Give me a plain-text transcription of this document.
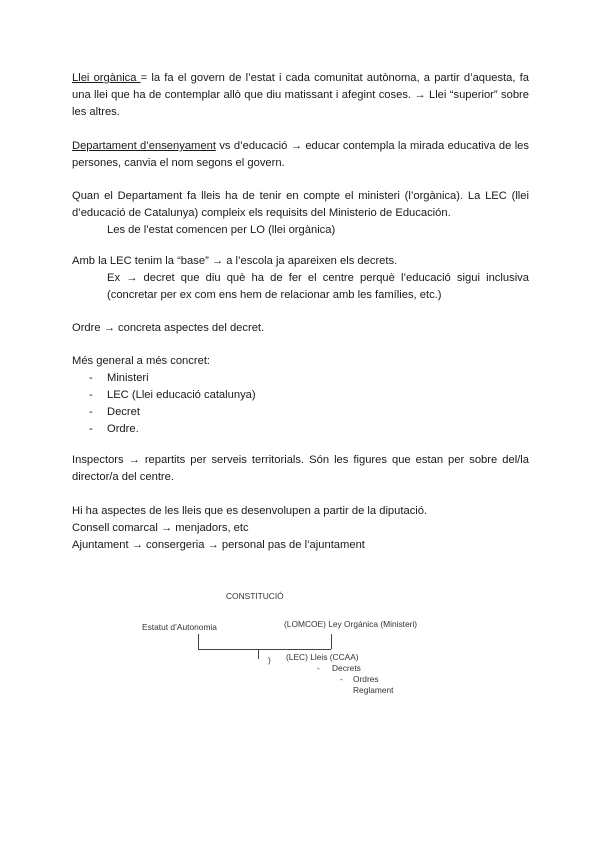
Llei orgànica = la fa el govern de l’estat i cada comunitat autònoma, a partir d’aquesta, fa una llei que ha de contemplar allò que diu matissant i afegint coses. → Llei “superior” sobre les altres.

Departament d’ensenyament vs d’educació → educar contempla la mirada educativa de les persones, canvia el nom segons el govern.

Quan el Departament fa lleis ha de tenir en compte el ministeri (l’orgànica). La LEC (llei d’educació de Catalunya) compleix els requisits del Ministerio de Educación.

Les de l’estat comencen per LO (llei orgànica)

Amb la LEC tenim la “base” → a l’escola ja apareixen els decrets.

Ex → decret que diu què ha de fer el centre perquè l’educació sigui inclusiva (concretar per ex com ens hem de relacionar amb les famílies, etc.)

Ordre → concreta aspectes del decret.

Més general a més concret:

- Ministeri

- LEC (Llei educació catalunya)

- Decret

- Ordre.

Inspectors → repartits per serveis territorials. Són les figures que estan per sobre del/la director/a del centre.

Hi ha aspectes de les lleis que es desenvolupen a partir de la diputació.

Consell comarcal → menjadors, etc

Ajuntament → consergeria → personal pas de l’ajuntament

CONSTITUCIÓ
Estatut d’Autonomia	(LOMCOE) Ley Orgánica (Ministeri)
) (LEC) Lleis (CCAA)
- Decrets
- Ordres
Reglament
